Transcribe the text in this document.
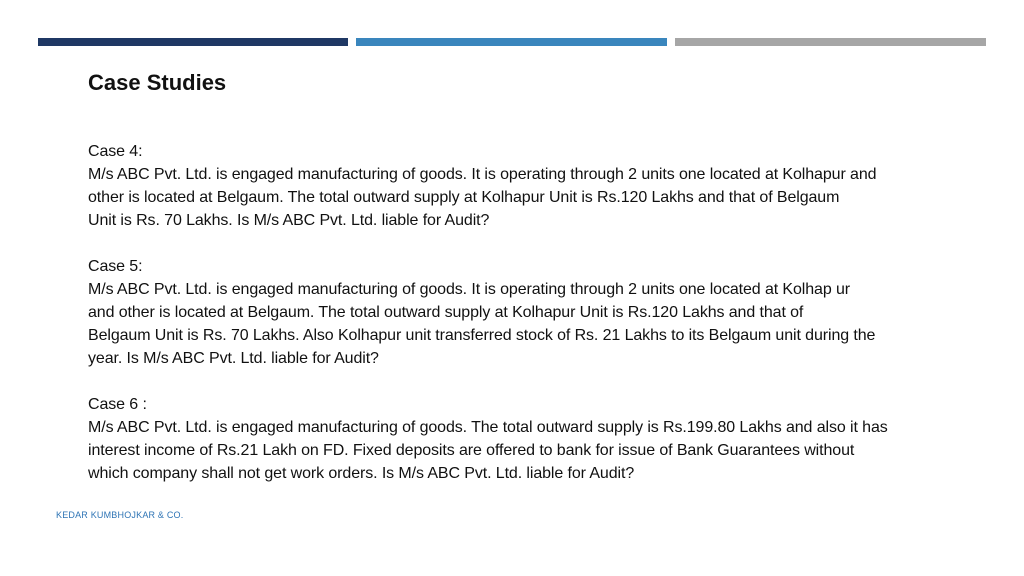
Case Studies

Case 4:

M/s ABC Pvt. Ltd. is engaged manufacturing of goods. It is operating through 2 units one located at Kolhapur and
other is located at Belgaum. The total outward supply at Kolhapur Unit is Rs.120 Lakhs and that of Belgaum
Unit is Rs. 70 Lakhs. Is M/s ABC Pvt. Ltd. liable for Audit?

Case 5:

M/s ABC Pvt. Ltd. is engaged manufacturing of goods. It is operating through 2 units one located at Kolhap ur
and other is located at Belgaum. The total outward supply at Kolhapur Unit is Rs.120 Lakhs and that of
Belgaum Unit is Rs. 70 Lakhs. Also Kolhapur unit transferred stock of Rs. 21 Lakhs to its Belgaum unit during the
year. Is M/s ABC Pvt. Ltd. liable for Audit?

Case 6 :

M/s ABC Pvt. Ltd. is engaged manufacturing of goods. The total outward supply is Rs.199.80 Lakhs and also it has
interest income of Rs.21 Lakh on FD. Fixed deposits are offered to bank for issue of Bank Guarantees without
which company shall not get work orders. Is M/s ABC Pvt. Ltd. liable for Audit?

KEDAR KUMBHOJKAR & CO.
